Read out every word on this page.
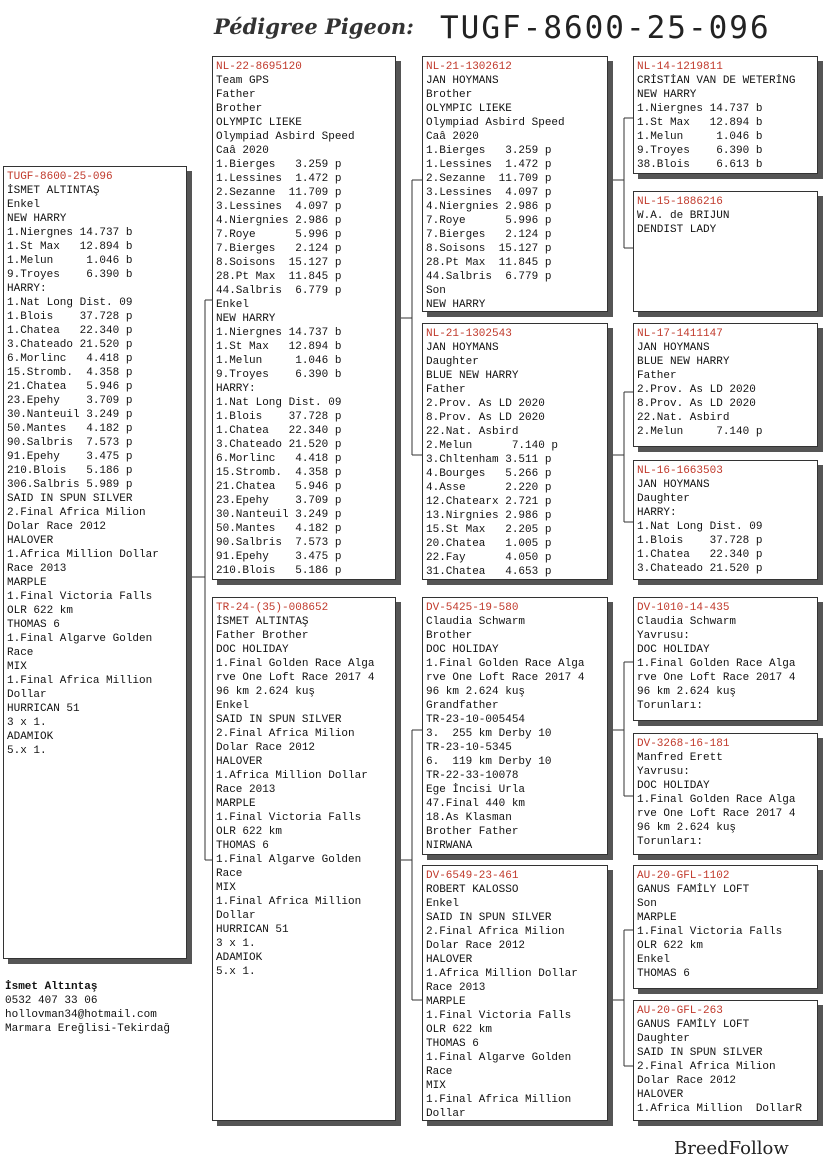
Pédigree Pigeon: TUGF-8600-25-096
TUGF-8600-25-096
İSMET ALTINTAŞ
Enkel
NEW HARRY
1.Niergnes 14.737 b
1.St Max   12.894 b
1.Melun     1.046 b
9.Troyes    6.390 b
HARRY:
1.Nat Long Dist. 09
1.Blois    37.728 p
1.Chatea   22.340 p
3.Chateado 21.520 p
6.Morlinc   4.418 p
15.Stromb.  4.358 p
21.Chatea   5.946 p
23.Epehy    3.709 p
30.Nanteuil 3.249 p
50.Mantes   4.182 p
90.Salbris  7.573 p
91.Epehy    3.475 p
210.Blois   5.186 p
306.Salbris 5.989 p
SAID IN SPUN SILVER
2.Final Africa Milion
Dolar Race 2012
HALOVER
1.Africa Million Dollar
Race 2013
MARPLE
1.Final Victoria Falls
OLR 622 km
THOMAS 6
1.Final Algarve Golden
Race
MIX
1.Final Africa Million
Dollar
HURRICAN 51
3 x 1.
ADAMIOK
5.x 1.
NL-22-8695120
Team GPS
Father
Brother
OLYMPIC LIEKE
Olympiad Asbird Speed
Caâ 2020
1.Bierges   3.259 p
1.Lessines  1.472 p
2.Sezanne  11.709 p
3.Lessines  4.097 p
4.Niergnies 2.986 p
7.Roye      5.996 p
7.Bierges   2.124 p
8.Soisons  15.127 p
28.Pt Max  11.845 p
44.Salbris  6.779 p
Enkel
NEW HARRY
1.Niergnes 14.737 b
1.St Max   12.894 b
1.Melun     1.046 b
9.Troyes    6.390 b
HARRY:
1.Nat Long Dist. 09
1.Blois    37.728 p
1.Chatea   22.340 p
3.Chateado 21.520 p
6.Morlinc   4.418 p
15.Stromb.  4.358 p
21.Chatea   5.946 p
23.Epehy    3.709 p
30.Nanteuil 3.249 p
50.Mantes   4.182 p
90.Salbris  7.573 p
91.Epehy    3.475 p
210.Blois   5.186 p
TR-24-(35)-008652
İSMET ALTINTAŞ
Father Brother
DOC HOLIDAY
1.Final Golden Race Alga
rve One Loft Race 2017 4
96 km 2.624 kuş
Enkel
SAID IN SPUN SILVER
2.Final Africa Milion
Dolar Race 2012
HALOVER
1.Africa Million Dollar
Race 2013
MARPLE
1.Final Victoria Falls
OLR 622 km
THOMAS 6
1.Final Algarve Golden
Race
MIX
1.Final Africa Million
Dollar
HURRICAN 51
3 x 1.
ADAMIOK
5.x 1.
NL-21-1302612
JAN HOYMANS
Brother
OLYMPIC LIEKE
Olympiad Asbird Speed
Caâ 2020
1.Bierges   3.259 p
1.Lessines  1.472 p
2.Sezanne  11.709 p
3.Lessines  4.097 p
4.Niergnies 2.986 p
7.Roye      5.996 p
7.Bierges   2.124 p
8.Soisons  15.127 p
28.Pt Max  11.845 p
44.Salbris  6.779 p
Son
NEW HARRY
NL-21-1302543
JAN HOYMANS
Daughter
BLUE NEW HARRY
Father
2.Prov. As LD 2020
8.Prov. As LD 2020
22.Nat. Asbird
2.Melun      7.140 p
3.Chltenham 3.511 p
4.Bourges   5.266 p
4.Asse      2.220 p
12.Chatearx 2.721 p
13.Nirgnies 2.986 p
15.St Max   2.205 p
20.Chatea   1.005 p
22.Fay      4.050 p
31.Chatea   4.653 p
DV-5425-19-580
Claudia Schwarm
Brother
DOC HOLIDAY
1.Final Golden Race Alga
rve One Loft Race 2017 4
96 km 2.624 kuş
Grandfather
TR-23-10-005454
3.  255 km Derby 10
TR-23-10-5345
6.  119 km Derby 10
TR-22-33-10078
Ege İncisi Urla
47.Final 440 km
18.As Klasman
Brother Father
NIRWANA
DV-6549-23-461
ROBERT KALOSSO
Enkel
SAID IN SPUN SILVER
2.Final Africa Milion
Dolar Race 2012
HALOVER
1.Africa Million Dollar
Race 2013
MARPLE
1.Final Victoria Falls
OLR 622 km
THOMAS 6
1.Final Algarve Golden
Race
MIX
1.Final Africa Million
Dollar
NL-14-1219811
CRİSTİAN VAN DE WETERİNG
NEW HARRY
1.Niergnes 14.737 b
1.St Max   12.894 b
1.Melun     1.046 b
9.Troyes    6.390 b
38.Blois    6.613 b
NL-15-1886216
W.A. de BRIJUN
DENDIST LADY
NL-17-1411147
JAN HOYMANS
BLUE NEW HARRY
Father
2.Prov. As LD 2020
8.Prov. As LD 2020
22.Nat. Asbird
2.Melun     7.140 p
NL-16-1663503
JAN HOYMANS
Daughter
HARRY:
1.Nat Long Dist. 09
1.Blois    37.728 p
1.Chatea   22.340 p
3.Chateado 21.520 p
DV-1010-14-435
Claudia Schwarm
Yavrusu:
DOC HOLIDAY
1.Final Golden Race Alga
rve One Loft Race 2017 4
96 km 2.624 kuş
Torunları:
DV-3268-16-181
Manfred Erett
Yavrusu:
DOC HOLIDAY
1.Final Golden Race Alga
rve One Loft Race 2017 4
96 km 2.624 kuş
Torunları:
AU-20-GFL-1102
GANUS FAMİLY LOFT
Son
MARPLE
1.Final Victoria Falls
OLR 622 km
Enkel
THOMAS 6
AU-20-GFL-263
GANUS FAMİLY LOFT
Daughter
SAID IN SPUN SILVER
2.Final Africa Milion
Dolar Race 2012
HALOVER
1.Africa Million  DollarR
İsmet Altıntaş
0532 407 33 06
hollovman34@hotmail.com
Marmara Ereğlisi-Tekirdağ
BreedFollow
